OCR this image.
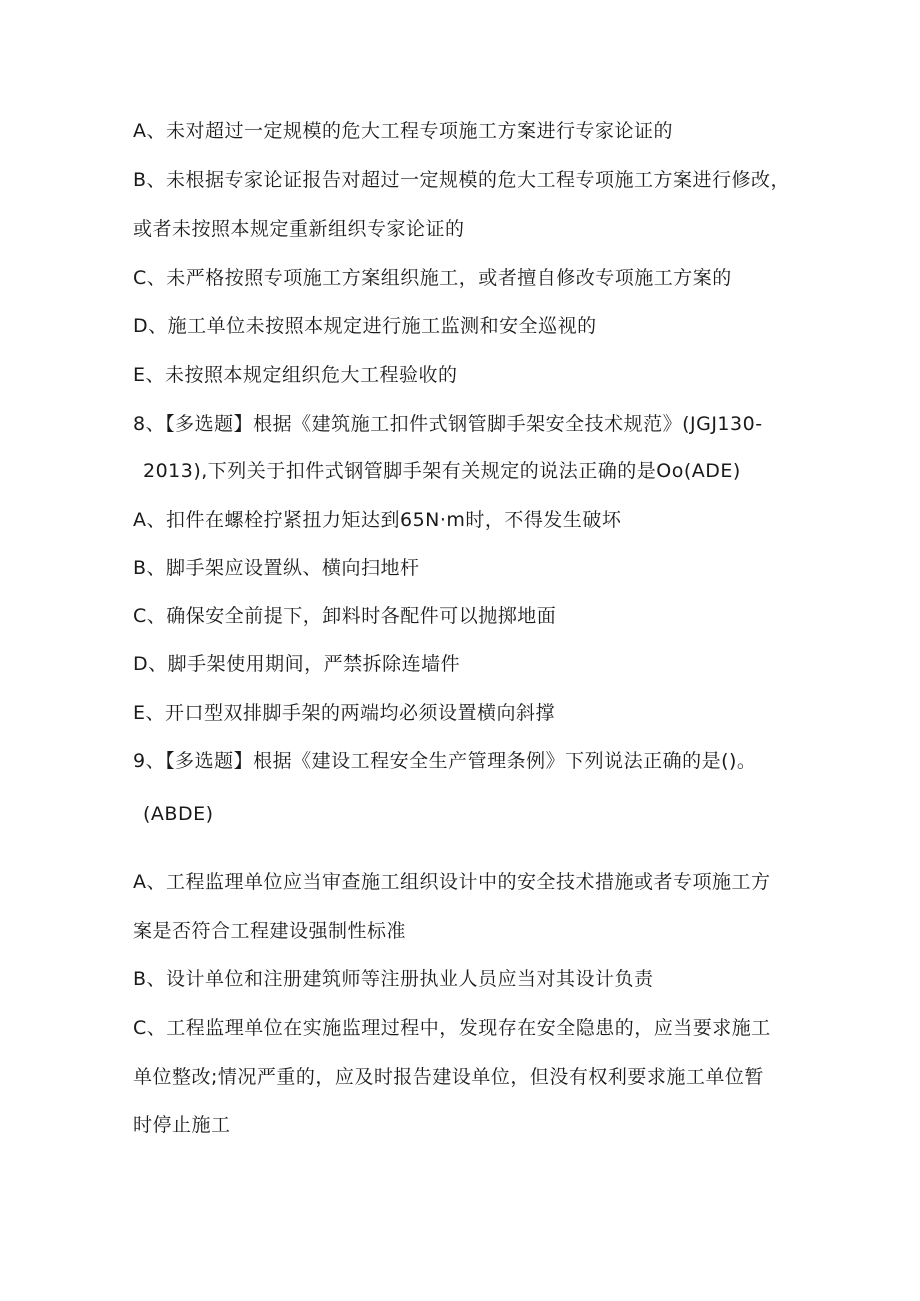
A、未对超过一定规模的危大工程专项施工方案进行专家论证的
B、未根据专家论证报告对超过一定规模的危大工程专项施工方案进行修改，
或者未按照本规定重新组织专家论证的
C、未严格按照专项施工方案组织施工，或者擅自修改专项施工方案的
D、施工单位未按照本规定进行施工监测和安全巡视的
E、未按照本规定组织危大工程验收的
8、【多选题】根据《建筑施工扣件式钢管脚手架安全技术规范》(JGJ130-
2013),下列关于扣件式钢管脚手架有关规定的说法正确的是Oo(ADE)
A、扣件在螺栓拧紧扭力矩达到65N·m时，不得发生破坏
B、脚手架应设置纵、横向扫地杆
C、确保安全前提下，卸料时各配件可以抛掷地面
D、脚手架使用期间，严禁拆除连墙件
E、开口型双排脚手架的两端均必须设置横向斜撑
9、【多选题】根据《建设工程安全生产管理条例》下列说法正确的是()。
(ABDE)
A、工程监理单位应当审查施工组织设计中的安全技术措施或者专项施工方
案是否符合工程建设强制性标准
B、设计单位和注册建筑师等注册执业人员应当对其设计负责
C、工程监理单位在实施监理过程中，发现存在安全隐患的，应当要求施工
单位整改;情况严重的，应及时报告建设单位，但没有权利要求施工单位暂
时停止施工
